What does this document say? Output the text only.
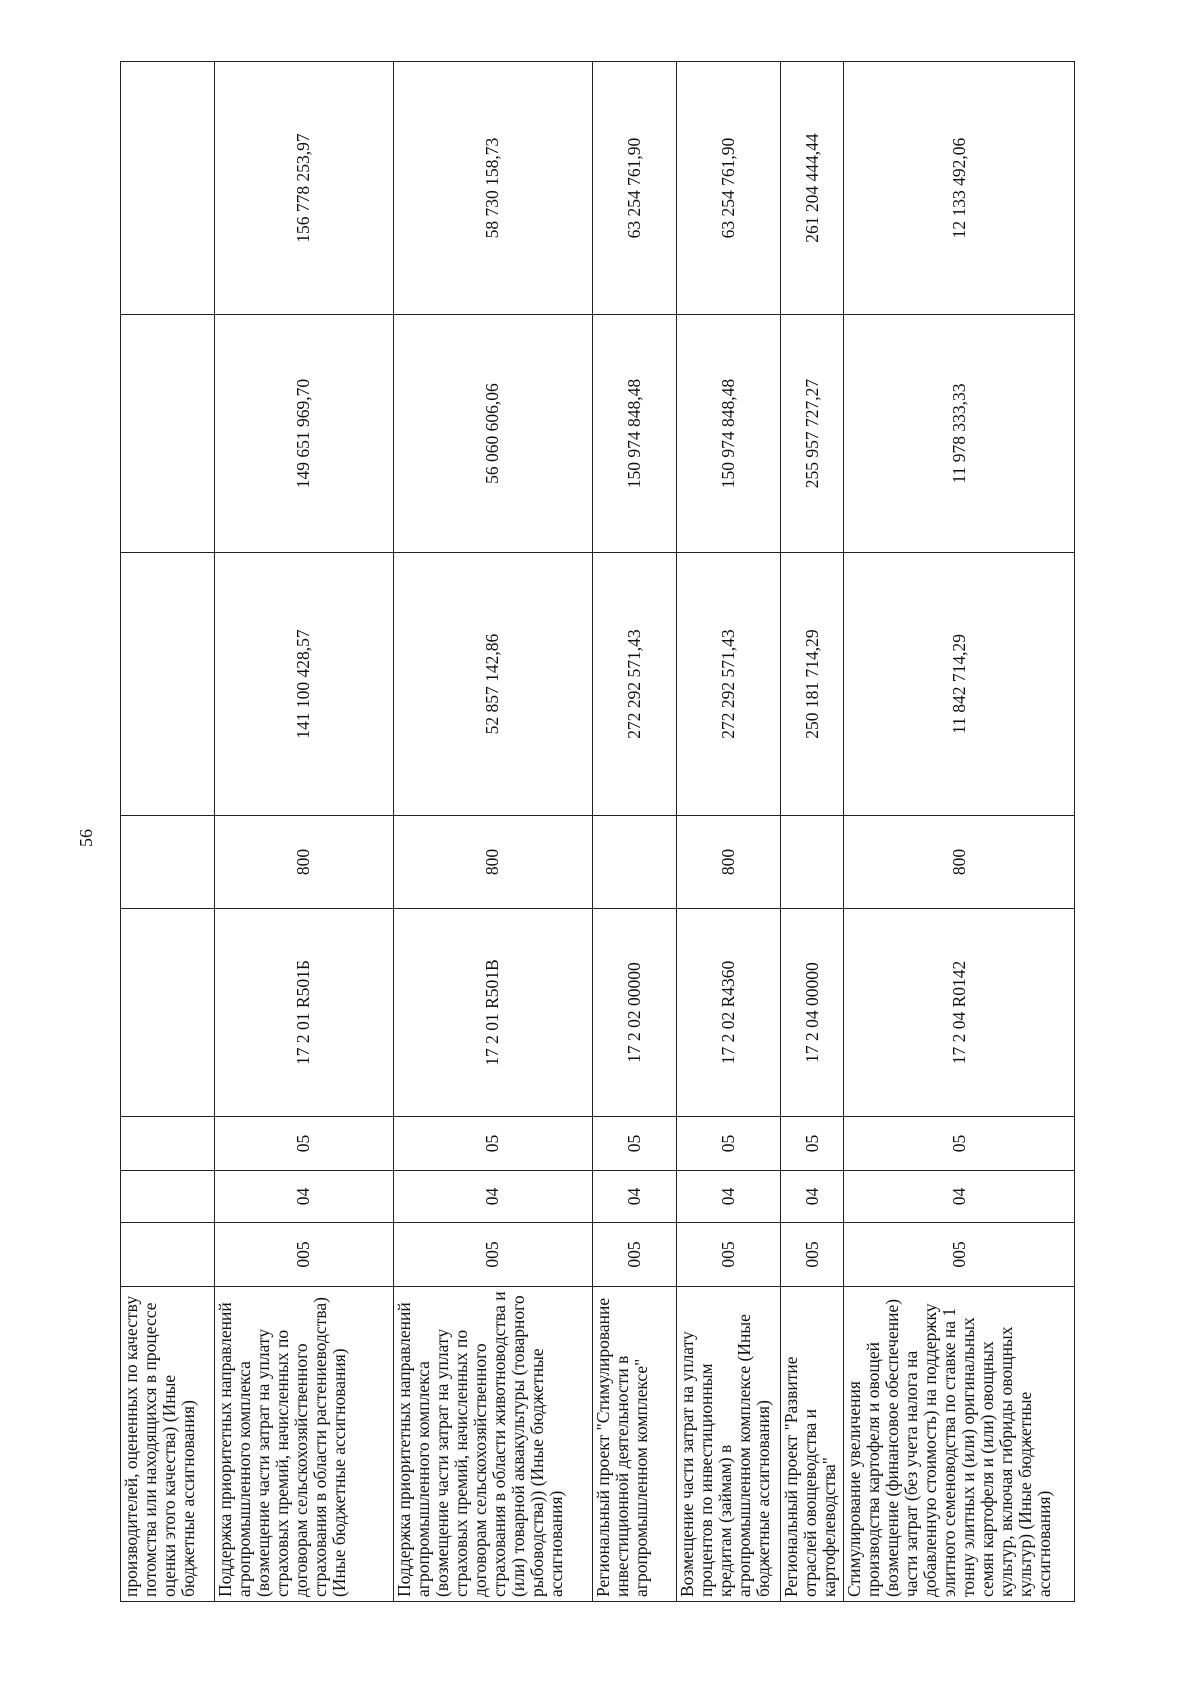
56
производителей, оцененных по качеству потомства или находящихся в процессе оценки этого качества) (Иные бюджетные ассигнования)								
Поддержка приоритетных направлений агропромышленного комплекса (возмещение части затрат на уплату страховых премий, начисленных по договорам сельскохозяйственного страхования в области растениеводства) (Иные бюджетные ассигнования)	005	04	05	17 2 01 R501Б	800	141 100 428,57	149 651 969,70	156 778 253,97
Поддержка приоритетных направлений агропромышленного комплекса (возмещение части затрат на уплату страховых премий, начисленных по договорам сельскохозяйственного страхования в области животноводства и (или) товарной аквакультуры (товарного рыбоводства)) (Иные бюджетные ассигнования)	005	04	05	17 2 01 R501В	800	52 857 142,86	56 060 606,06	58 730 158,73
Региональный проект "Стимулирование инвестиционной деятельности в агропромышленном комплексе"	005	04	05	17 2 02 00000		272 292 571,43	150 974 848,48	63 254 761,90
Возмещение части затрат на уплату процентов по инвестиционным кредитам (займам) в агропромышленном комплексе (Иные бюджетные ассигнования)	005	04	05	17 2 02 R4360	800	272 292 571,43	150 974 848,48	63 254 761,90
Региональный проект "Развитие отраслей овощеводства и картофелеводства"	005	04	05	17 2 04 00000		250 181 714,29	255 957 727,27	261 204 444,44
Стимулирование увеличения производства картофеля и овощей (возмещение (финансовое обеспечение) части затрат (без учета налога на добавленную стоимость) на поддержку элитного семеноводства по ставке на 1 тонну элитных и (или) оригинальных семян картофеля и (или) овощных культур, включая гибриды овощных культур) (Иные бюджетные ассигнования)	005	04	05	17 2 04 R0142	800	11 842 714,29	11 978 333,33	12 133 492,06
